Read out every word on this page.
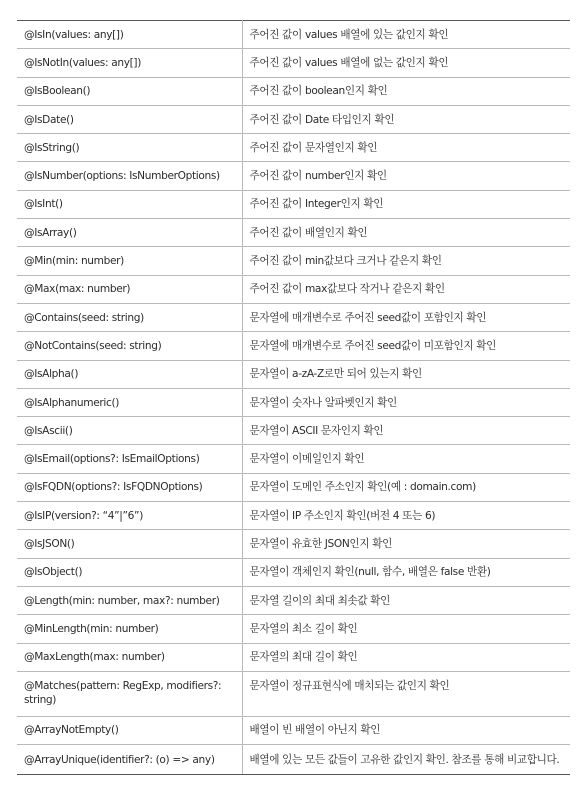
@IsIn(values: any[])	주어진 값이 values 배열에 있는 값인지 확인
@IsNotIn(values: any[])	주어진 값이 values 배열에 없는 값인지 확인
@IsBoolean()	주어진 값이 boolean인지 확인
@IsDate()	주어진 값이 Date 타입인지 확인
@IsString()	주어진 값이 문자열인지 확인
@IsNumber(options: IsNumberOptions)	주어진 값이 number인지 확인
@IsInt()	주어진 값이 Integer인지 확인
@IsArray()	주어진 값이 배열인지 확인
@Min(min: number)	주어진 값이 min값보다 크거나 같은지 확인
@Max(max: number)	주어진 값이 max값보다 작거나 같은지 확인
@Contains(seed: string)	문자열에 매개변수로 주어진 seed값이 포함인지 확인
@NotContains(seed: string)	문자열에 매개변수로 주어진 seed값이 미포함인지 확인
@IsAlpha()	문자열이 a-zA-Z로만 되어 있는지 확인
@IsAlphanumeric()	문자열이 숫자나 알파벳인지 확인
@IsAscii()	문자열이 ASCII 문자인지 확인
@IsEmail(options?: IsEmailOptions)	문자열이 이메일인지 확인
@IsFQDN(options?: IsFQDNOptions)	문자열이 도메인 주소인지 확인(예 : domain.com)
@IsIP(version?: “4”|”6”)	문자열이 IP 주소인지 확인(버전 4 또는 6)
@IsJSON()	문자열이 유효한 JSON인지 확인
@IsObject()	문자열이 객체인지 확인(null, 함수, 배열은 false 반환)
@Length(min: number, max?: number)	문자열 길이의 최대 최솟값 확인
@MinLength(min: number)	문자열의 최소 길이 확인
@MaxLength(max: number)	문자열의 최대 길이 확인
@Matches(pattern: RegExp, modifiers?: string)	문자열이 정규표현식에 매치되는 값인지 확인
@ArrayNotEmpty()	배열이 빈 배열이 아닌지 확인
@ArrayUnique(identifier?: (o) => any)	배열에 있는 모든 값들이 고유한 값인지 확인. 참조를 통해 비교합니다.
